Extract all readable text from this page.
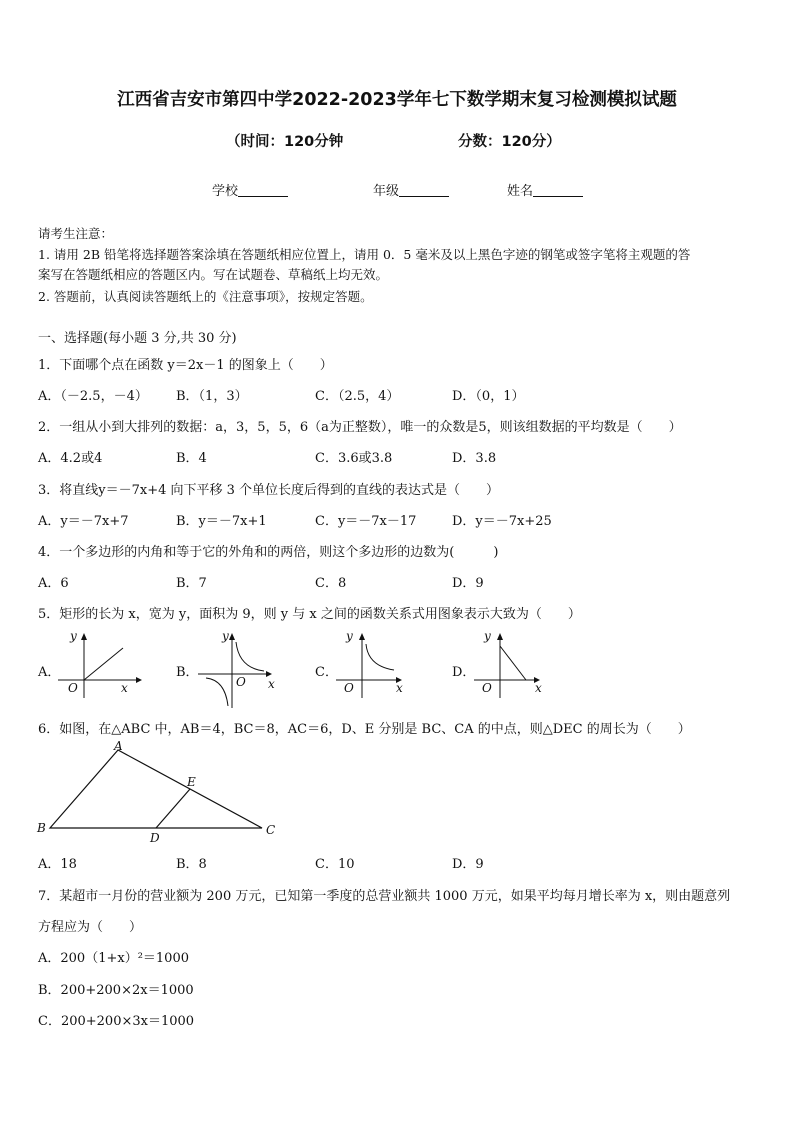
江西省吉安市第四中学2022-2023学年七下数学期末复习检测模拟试题
（时间：120分钟	分数：120分）
学校	年级	姓名
请考生注意：
1. 请用 2B 铅笔将选择题答案涂填在答题纸相应位置上，请用 0．5 毫米及以上黑色字迹的钢笔或签字笔将主观题的答
案写在答题纸相应的答题区内。写在试题卷、草稿纸上均无效。
2. 答题前，认真阅读答题纸上的《注意事项》，按规定答题。
一、选择题(每小题 3 分,共 30 分)
1．下面哪个点在函数 y＝2x－1 的图象上（　　）
A．（－2.5，－4） B．（1，3）	C．（2.5，4）	D．（0，1）
2．一组从小到大排列的数据：a，3，5，5，6（a为正整数），唯一的众数是5，则该组数据的平均数是（　　）
A．4.2或4	B．4	C．3.6或3.8	D．3.8
3．将直线y＝－7x+4 向下平移 3 个单位长度后得到的直线的表达式是（　　）
A．y＝－7x+7	B．y＝－7x+1	C．y＝－7x－17	D．y＝－7x+25
4．一个多边形的内角和等于它的外角和的两倍，则这个多边形的边数为(　　　)
A．6	B．7	C．8	D．9
5．矩形的长为 x，宽为 y，面积为 9，则 y 与 x 之间的函数关系式用图象表示大致为（　　）
A．	B．	C．	D．
y
O	x
y
O x
y
O	x
y
O	x
6．如图，在△ABC 中，AB＝4，BC＝8，AC＝6，D、E 分别是 BC、CA 的中点，则△DEC 的周长为（　　）
A
B	C
D
E
A．18	B．8	C．10	D．9
7．某超市一月份的营业额为 200 万元，已知第一季度的总营业额共 1000 万元，如果平均每月增长率为 x，则由题意列
方程应为（　　）
A．200（1+x）²＝1000
B．200+200×2x＝1000
C．200+200×3x＝1000
